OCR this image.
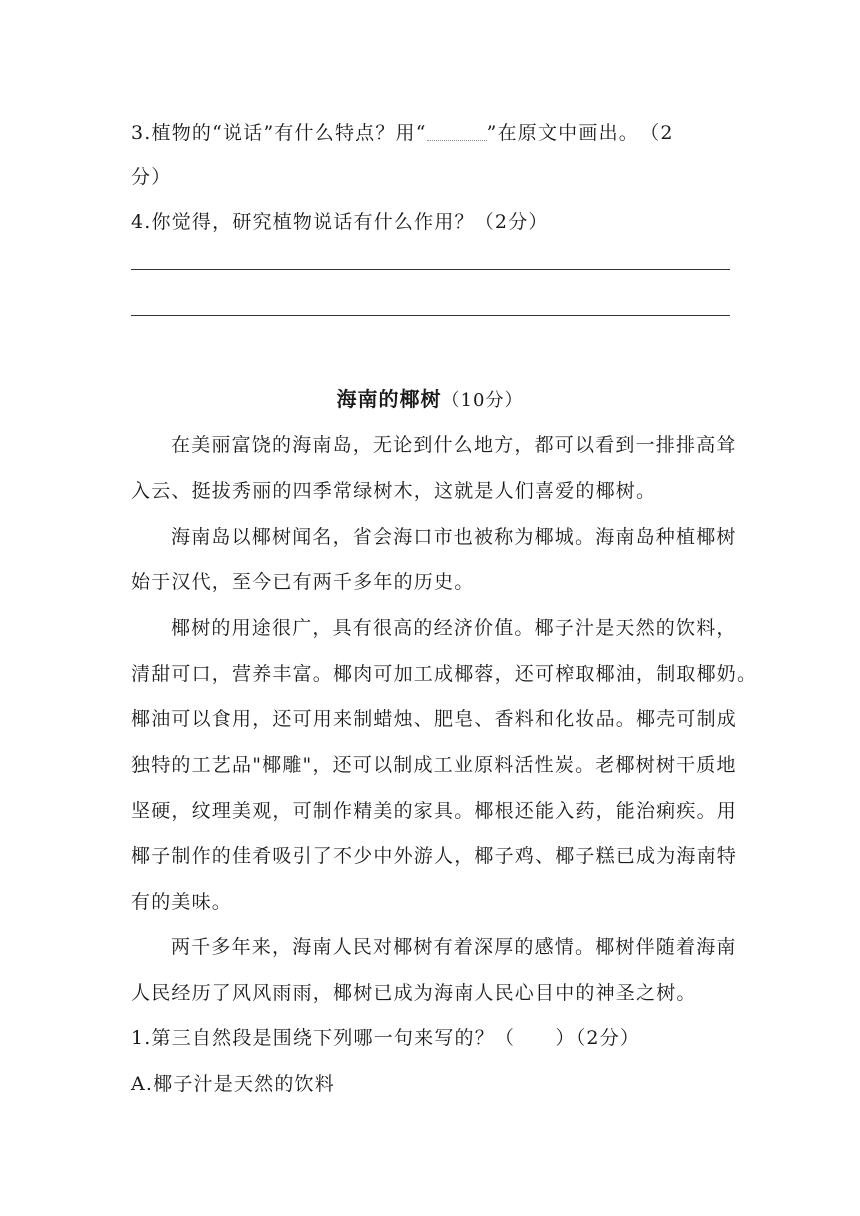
3.植物的“说话”有什么特点？用“	”在原文中画出。　（2
分）
4.你觉得，研究植物说话有什么作用？（2分）
海南的椰树（10分）
在美丽富饶的海南岛，无论到什么地方，都可以看到一排排高耸
入云、挺拔秀丽的四季常绿树木，这就是人们喜爱的椰树。
海南岛以椰树闻名，省会海口市也被称为椰城。海南岛种植椰树
始于汉代，至今已有两千多年的历史。
椰树的用途很广，具有很高的经济价值。椰子汁是天然的饮料，
清甜可口，营养丰富。椰肉可加工成椰蓉，还可榨取椰油，制取椰奶。
椰油可以食用，还可用来制蜡烛、肥皂、香料和化妆品。椰壳可制成
独特的工艺品"椰雕"，还可以制成工业原料活性炭。老椰树树干质地
坚硬，纹理美观，可制作精美的家具。椰根还能入药，能治痢疾。用
椰子制作的佳肴吸引了不少中外游人，椰子鸡、椰子糕已成为海南特
有的美味。
两千多年来，海南人民对椰树有着深厚的感情。椰树伴随着海南
人民经历了风风雨雨，椰树已成为海南人民心目中的神圣之树。
1.第三自然段是围绕下列哪一句来写的？（　　）（2分）
A.椰子汁是天然的饮料
